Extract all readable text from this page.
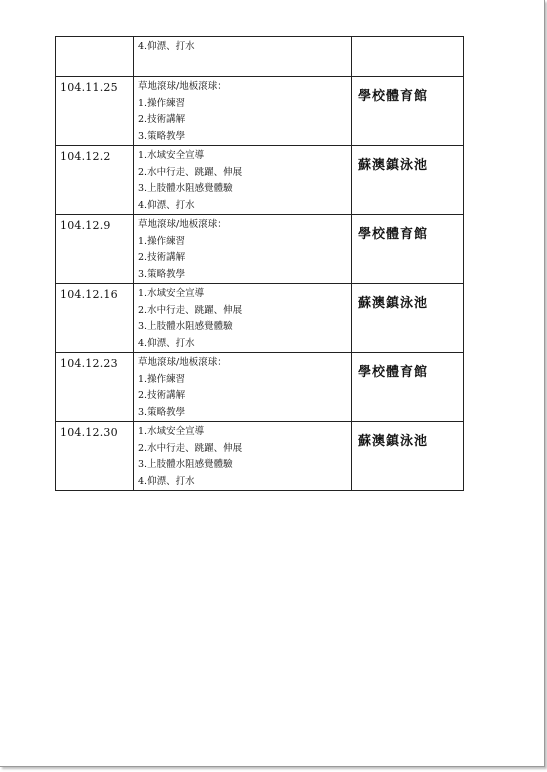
	4.仰漂、打水	

104.11.25	草地滾球/地板滾球：
1.操作練習
2.技術講解
3.策略教學	學校體育館
104.12.2	1.水域安全宣導
2.水中行走、跳躍、伸展
3.上肢體水阻感覺體驗
4.仰漂、打水	蘇澳鎮泳池
104.12.9	草地滾球/地板滾球：
1.操作練習
2.技術講解
3.策略教學	學校體育館
104.12.16	1.水域安全宣導
2.水中行走、跳躍、伸展
3.上肢體水阻感覺體驗
4.仰漂、打水	蘇澳鎮泳池
104.12.23	草地滾球/地板滾球：
1.操作練習
2.技術講解
3.策略教學	學校體育館
104.12.30	1.水域安全宣導
2.水中行走、跳躍、伸展
3.上肢體水阻感覺體驗
4.仰漂、打水	蘇澳鎮泳池
